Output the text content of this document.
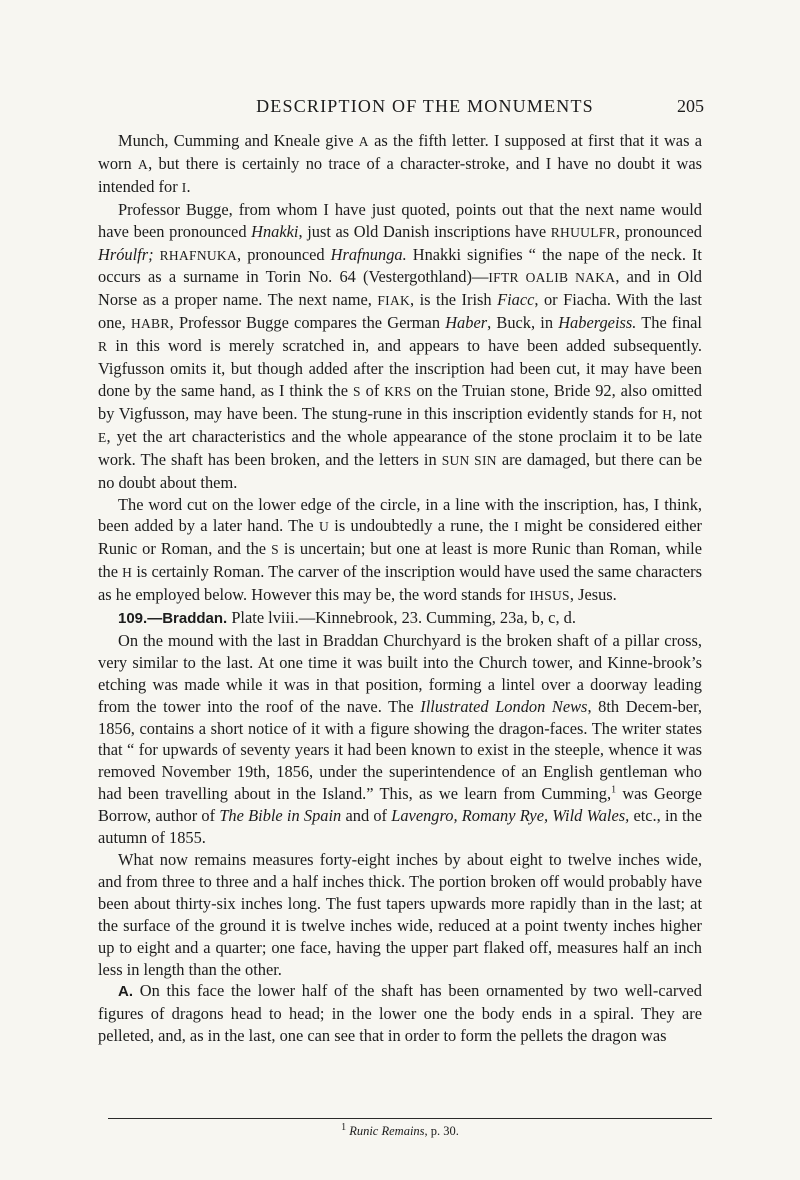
DESCRIPTION OF THE MONUMENTS	205

Munch, Cumming and Kneale give A as the fifth letter. I supposed at first that it was a worn A, but there is certainly no trace of a character-stroke, and I have no doubt it was intended for I.

Professor Bugge, from whom I have just quoted, points out that the next name would have been pronounced Hnakki, just as Old Danish inscriptions have RHUULFR, pronounced Hróulfr; RHAFNUKA, pronounced Hrafnunga. Hnakki signifies “ the nape of the neck. It occurs as a surname in Torin No. 64 (Vestergothland)—IFTR OALIB NAKA, and in Old Norse as a proper name. The next name, FIAK, is the Irish Fiacc, or Fiacha. With the last one, HABR, Professor Bugge compares the German Haber, Buck, in Habergeiss. The final R in this word is merely scratched in, and appears to have been added subsequently. Vigfusson omits it, but though added after the inscription had been cut, it may have been done by the same hand, as I think the S of KRS on the Truian stone, Bride 92, also omitted by Vigfusson, may have been. The stung-rune in this inscription evidently stands for H, not E, yet the art characteristics and the whole appearance of the stone proclaim it to be late work. The shaft has been broken, and the letters in SUN SIN are damaged, but there can be no doubt about them.

The word cut on the lower edge of the circle, in a line with the inscription, has, I think, been added by a later hand. The U is undoubtedly a rune, the I might be considered either Runic or Roman, and the S is uncertain; but one at least is more Runic than Roman, while the H is certainly Roman. The carver of the inscription would have used the same characters as he employed below. However this may be, the word stands for IHSUS, Jesus.

109.—Braddan. Plate lviii.—Kinnebrook, 23. Cumming, 23a, b, c, d.

On the mound with the last in Braddan Churchyard is the broken shaft of a pillar cross, very similar to the last. At one time it was built into the Church tower, and Kinne-brook’s etching was made while it was in that position, forming a lintel over a doorway leading from the tower into the roof of the nave. The Illustrated London News, 8th Decem-ber, 1856, contains a short notice of it with a figure showing the dragon-faces. The writer states that “ for upwards of seventy years it had been known to exist in the steeple, whence it was removed November 19th, 1856, under the superintendence of an English gentleman who had been travelling about in the Island.” This, as we learn from Cumming,$^1$ was George Borrow, author of The Bible in Spain and of Lavengro, Romany Rye, Wild Wales, etc., in the autumn of 1855.

What now remains measures forty-eight inches by about eight to twelve inches wide, and from three to three and a half inches thick. The portion broken off would probably have been about thirty-six inches long. The fust tapers upwards more rapidly than in the last; at the surface of the ground it is twelve inches wide, reduced at a point twenty inches higher up to eight and a quarter; one face, having the upper part flaked off, measures half an inch less in length than the other.

A. On this face the lower half of the shaft has been ornamented by two well-carved figures of dragons head to head; in the lower one the body ends in a spiral. They are pelleted, and, as in the last, one can see that in order to form the pellets the dragon was

$^1$ Runic Remains, p. 30.
